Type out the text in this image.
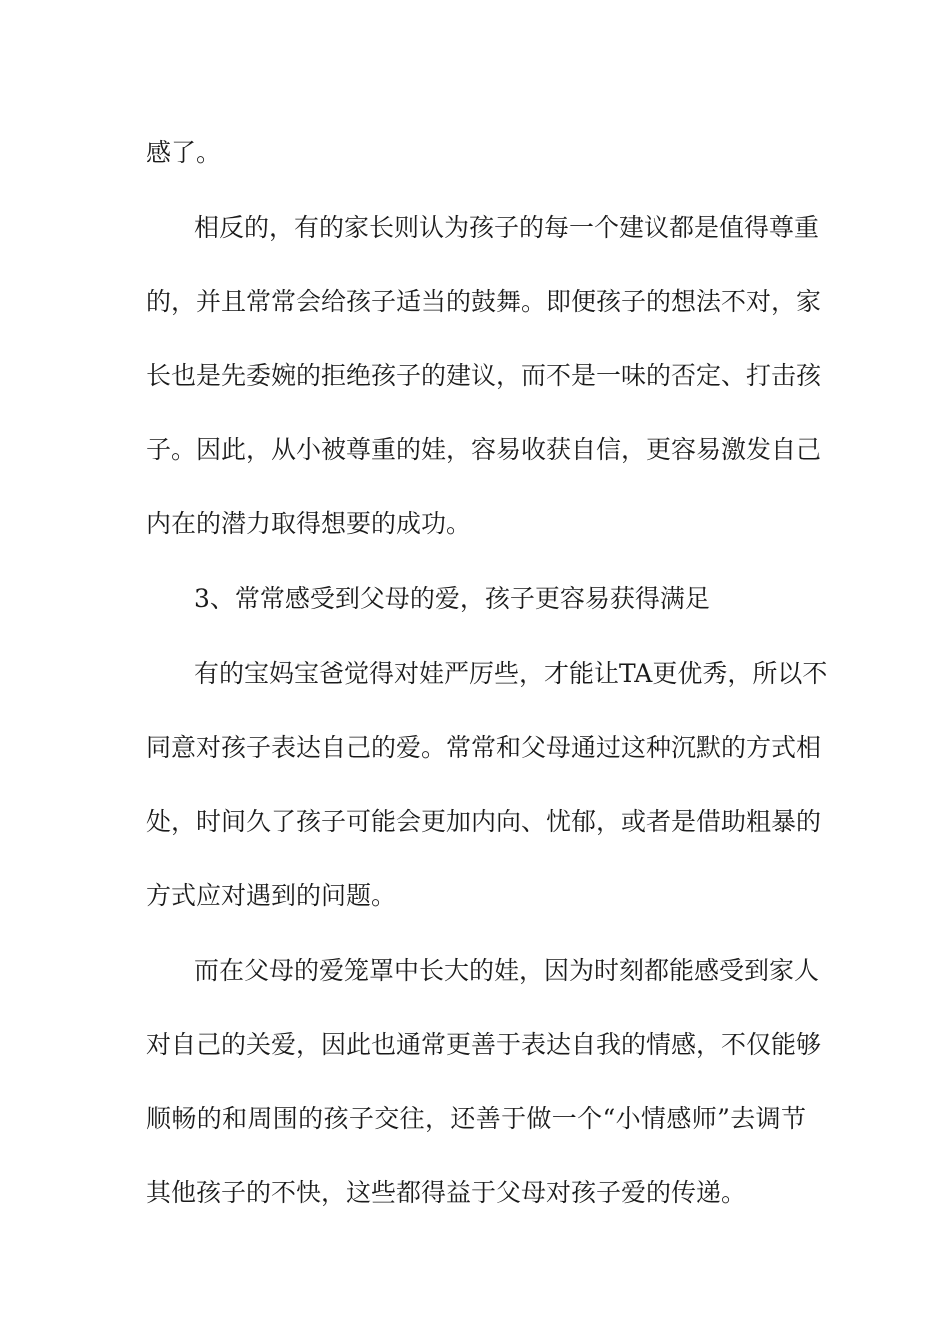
感了。
相反的，有的家长则认为孩子的每一个建议都是值得尊重
的，并且常常会给孩子适当的鼓舞。即便孩子的想法不对，家
长也是先委婉的拒绝孩子的建议，而不是一味的否定、打击孩
子。因此，从小被尊重的娃，容易收获自信，更容易激发自己
内在的潜力取得想要的成功。
3、常常感受到父母的爱，孩子更容易获得满足
有的宝妈宝爸觉得对娃严厉些，才能让TA更优秀，所以不
同意对孩子表达自己的爱。常常和父母通过这种沉默的方式相
处，时间久了孩子可能会更加内向、忧郁，或者是借助粗暴的
方式应对遇到的问题。
而在父母的爱笼罩中长大的娃，因为时刻都能感受到家人
对自己的关爱，因此也通常更善于表达自我的情感，不仅能够
顺畅的和周围的孩子交往，还善于做一个“小情感师”去调节
其他孩子的不快，这些都得益于父母对孩子爱的传递。
